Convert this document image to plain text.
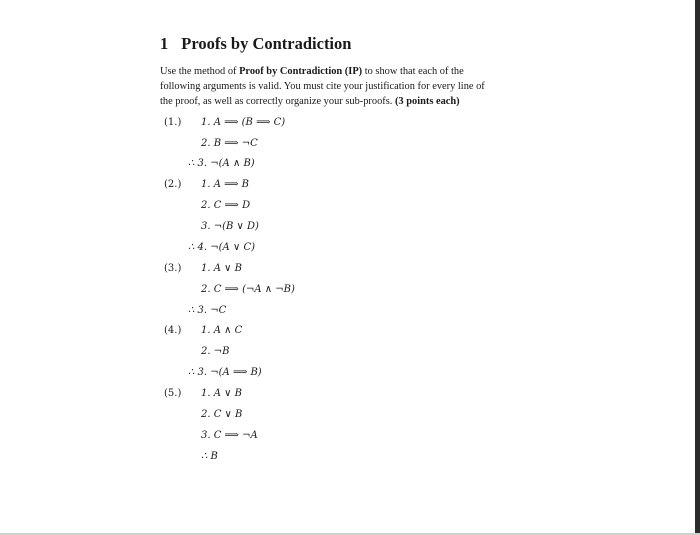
1 Proofs by Contradiction
Use the method of Proof by Contradiction (IP) to show that each of the
following arguments is valid. You must cite your justification for every line of
the proof, as well as correctly organize your sub-proofs. (3 points each)
(1.) 1. A ⟹ (B ⟹ C)
2. B ⟹ ¬C
∴ 3. ¬(A ∧ B)
(2.) 1. A ⟹ B
2. C ⟹ D
3. ¬(B ∨ D)
∴ 4. ¬(A ∨ C)
(3.) 1. A ∨ B
2. C ⟹ (¬A ∧ ¬B)
∴ 3. ¬C
(4.) 1. A ∧ C
2. ¬B
∴ 3. ¬(A ⟹ B)
(5.) 1. A ∨ B
2. C ∨ B
3. C ⟹ ¬A
∴ B
